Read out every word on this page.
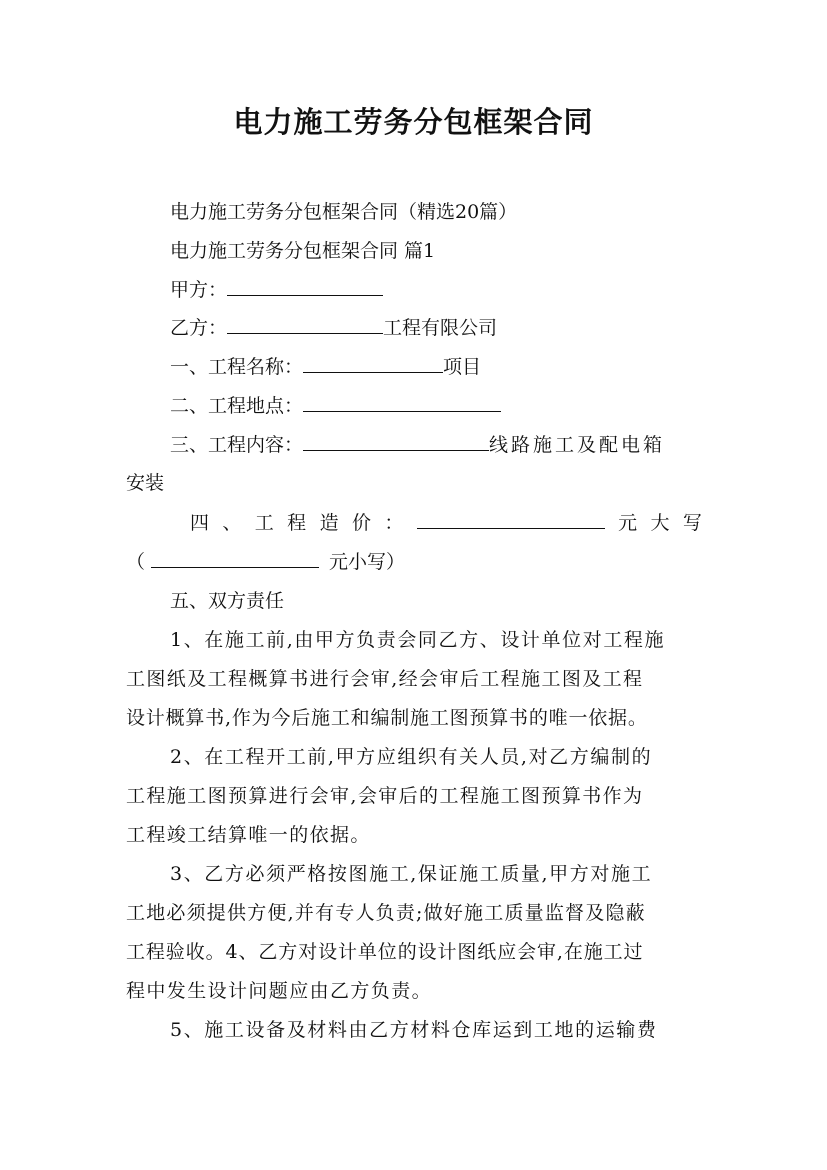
电力施工劳务分包框架合同
电力施工劳务分包框架合同（精选20篇）
电力施工劳务分包框架合同 篇1
甲方：
乙方：	工程有限公司
一、工程名称：	项目
二、工程地点：
三、工程内容：	线路施工及配电箱
安装
四 、 工 程 造 价 ：	元 大 写
（	元小写）
五、双方责任
1、在施工前,由甲方负责会同乙方、设计单位对工程施
工图纸及工程概算书进行会审,经会审后工程施工图及工程
设计概算书,作为今后施工和编制施工图预算书的唯一依据。
2、在工程开工前,甲方应组织有关人员,对乙方编制的
工程施工图预算进行会审,会审后的工程施工图预算书作为
工程竣工结算唯一的依据。
3、乙方必须严格按图施工,保证施工质量,甲方对施工
工地必须提供方便,并有专人负责;做好施工质量监督及隐蔽
工程验收。4、乙方对设计单位的设计图纸应会审,在施工过
程中发生设计问题应由乙方负责。
5、施工设备及材料由乙方材料仓库运到工地的运输费
